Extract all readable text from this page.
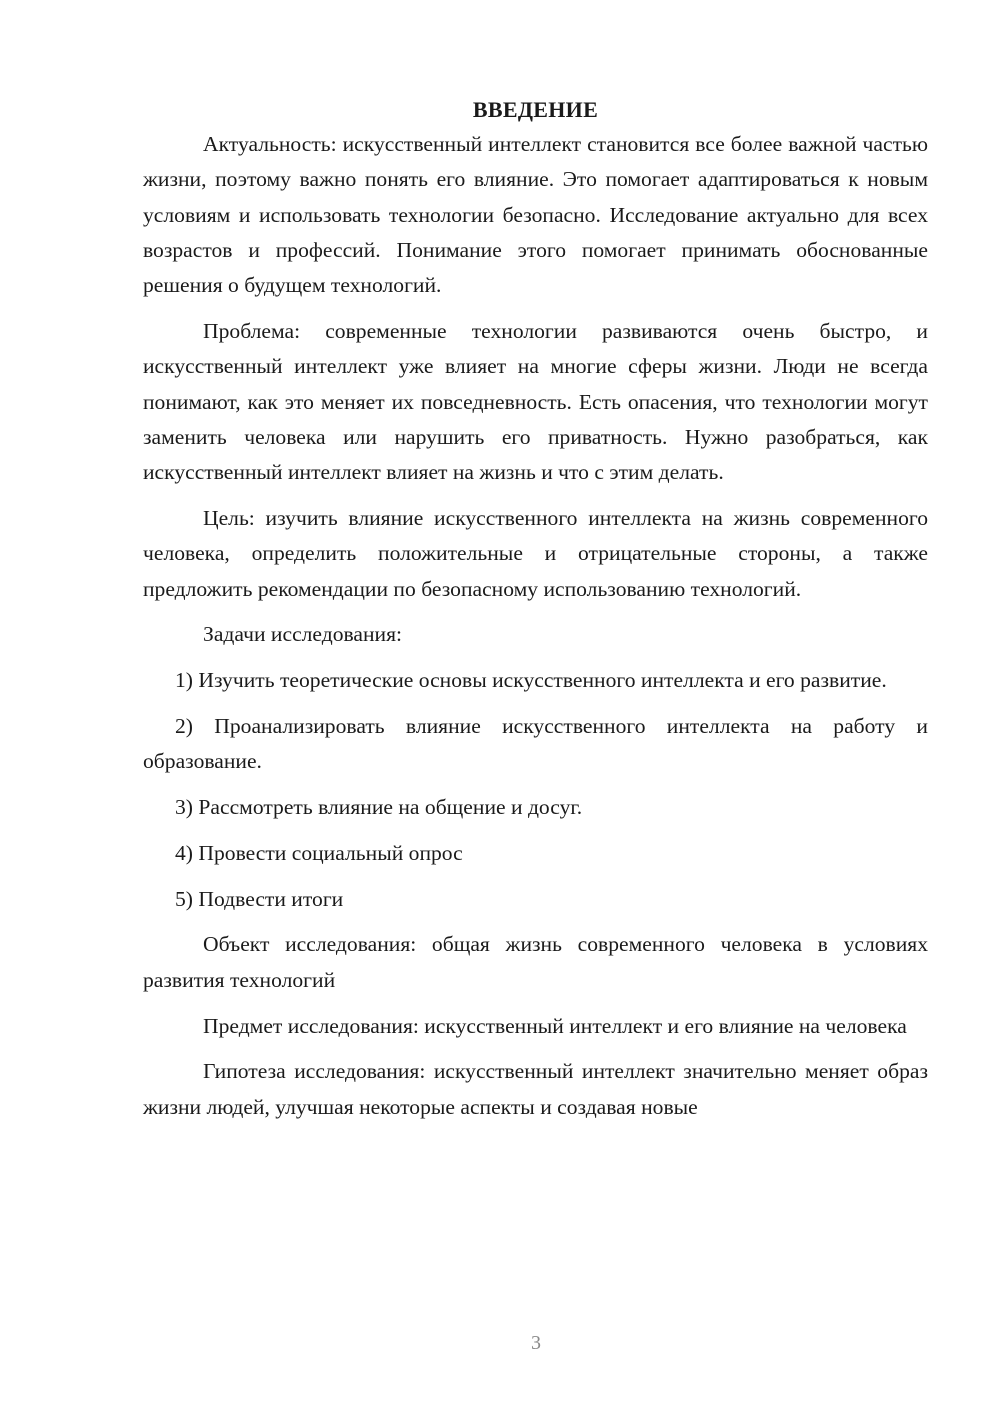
ВВЕДЕНИЕ

Актуальность: искусственный интеллект становится все более важной частью жизни, поэтому важно понять его влияние. Это помогает адаптироваться к новым условиям и использовать технологии безопасно. Исследование актуально для всех возрастов и профессий. Понимание этого помогает принимать обоснованные решения о будущем технологий.

Проблема: современные технологии развиваются очень быстро, и искусственный интеллект уже влияет на многие сферы жизни. Люди не всегда понимают, как это меняет их повседневность. Есть опасения, что технологии могут заменить человека или нарушить его приватность. Нужно разобраться, как искусственный интеллект влияет на жизнь и что с этим делать.

Цель: изучить влияние искусственного интеллекта на жизнь современного человека, определить положительные и отрицательные стороны, а также предложить рекомендации по безопасному использованию технологий.

Задачи исследования:

1) Изучить теоретические основы искусственного интеллекта и его развитие.

2) Проанализировать влияние искусственного интеллекта на работу и образование.

3) Рассмотреть влияние на общение и досуг.

4) Провести социальный опрос

5) Подвести итоги

Объект исследования: общая жизнь современного человека в условиях развития технологий

Предмет исследования: искусственный интеллект и его влияние на человека

Гипотеза исследования: искусственный интеллект значительно меняет образ жизни людей, улучшая некоторые аспекты и создавая новые

3
